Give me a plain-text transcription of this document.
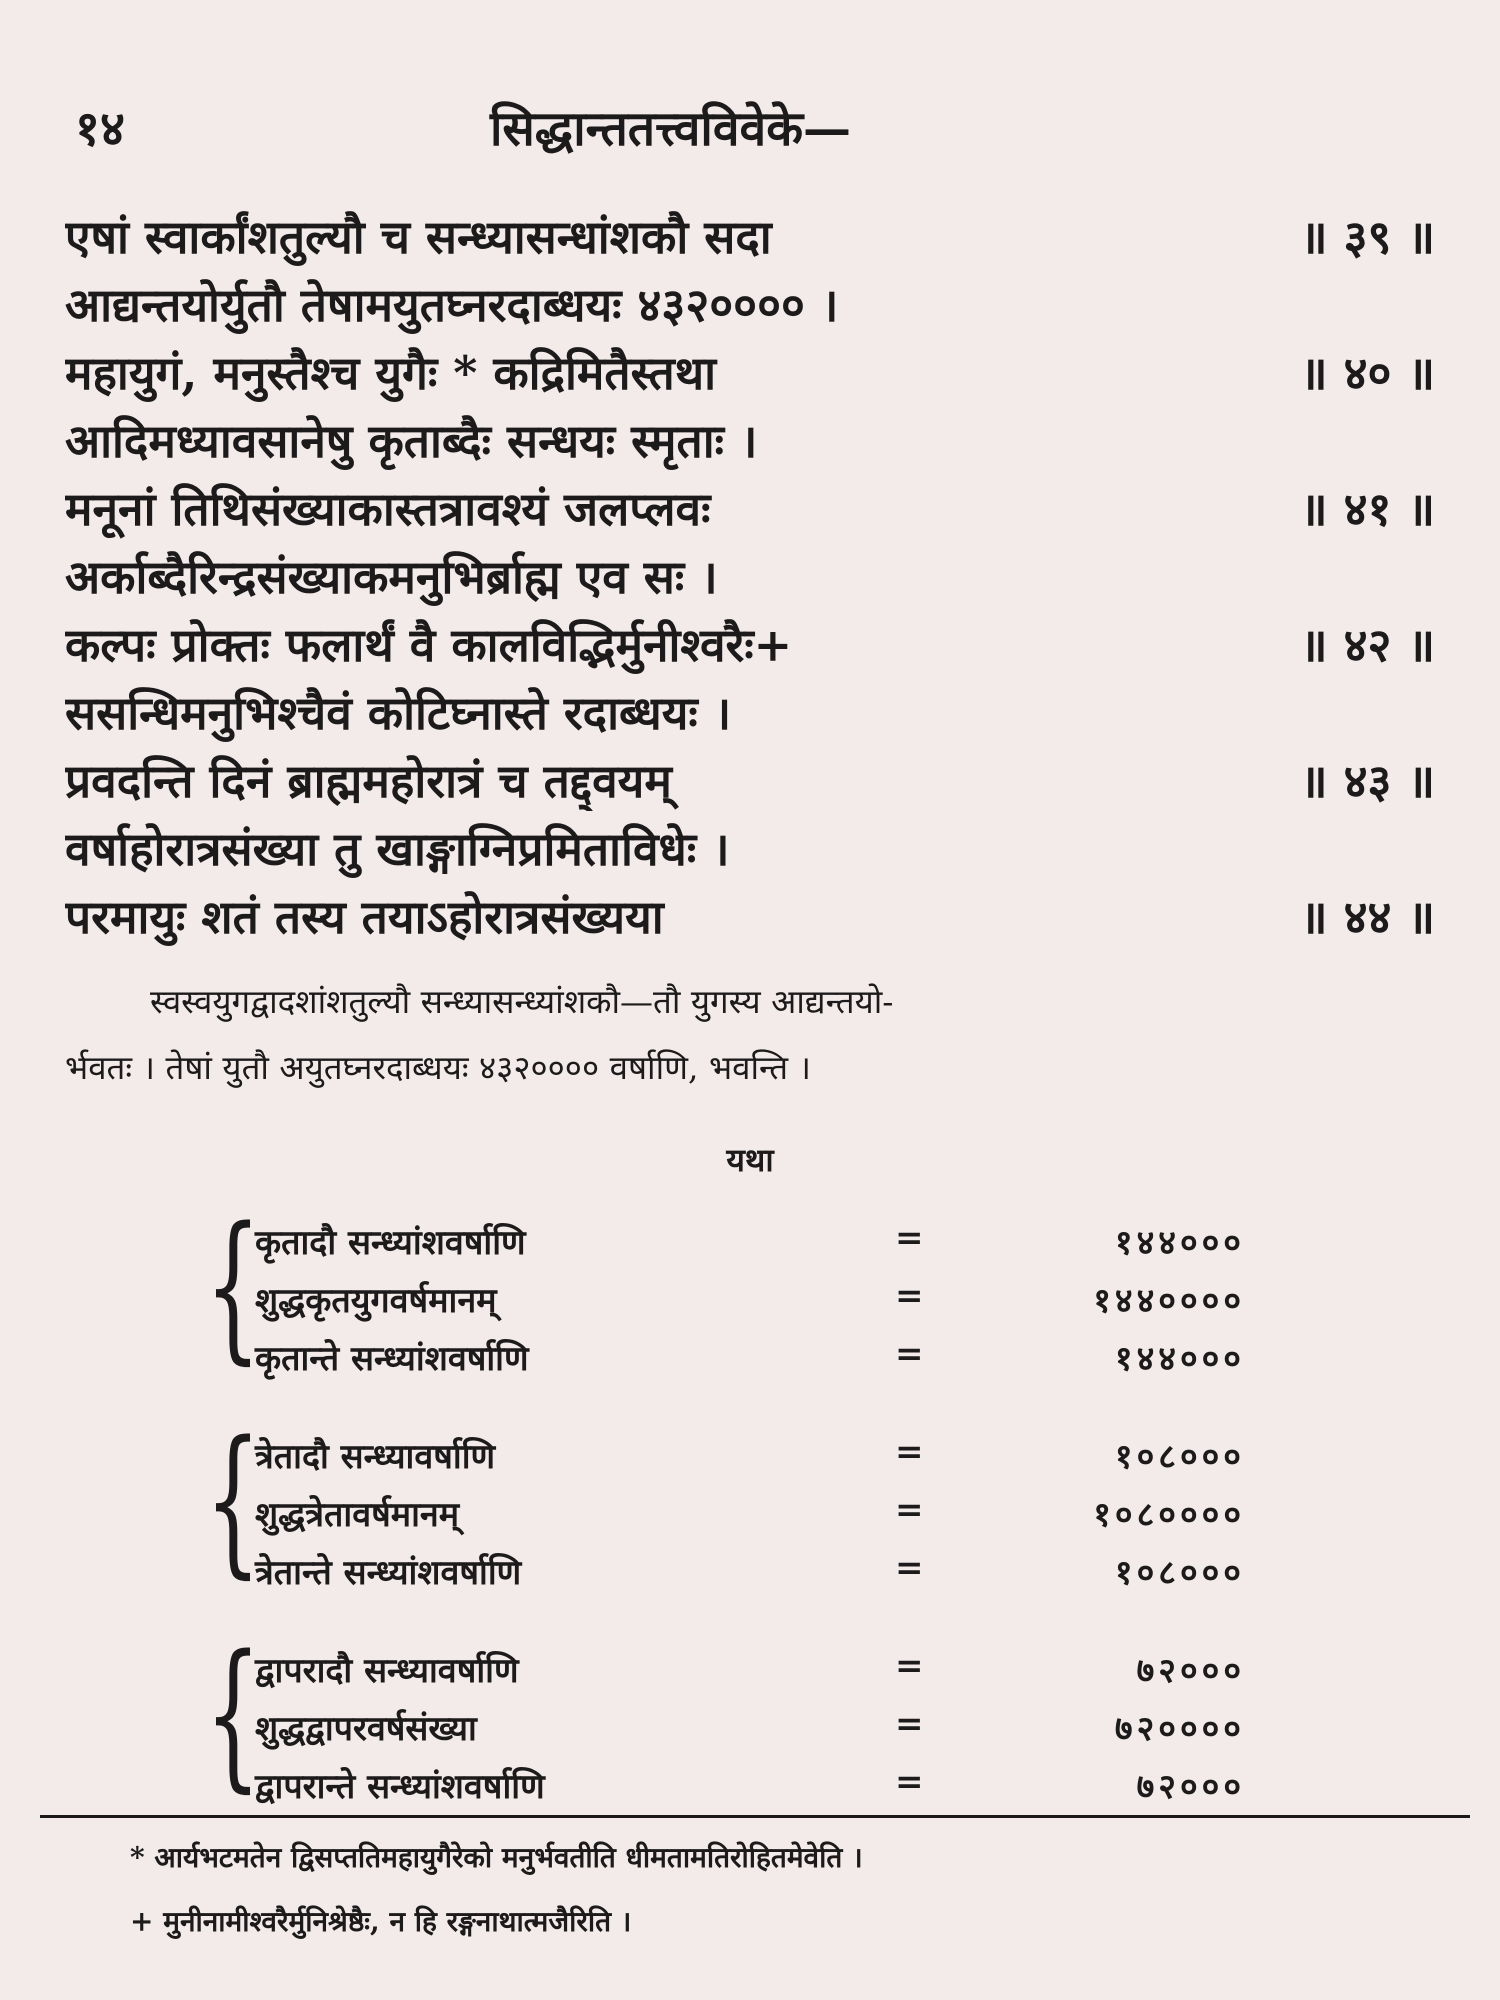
१४	सिद्धान्ततत्त्वविवेके—
एषां स्वार्कांशतुल्यौ च सन्ध्यासन्धांशकौ सदा	॥ ३९ ॥
आद्यन्तयोर्युतौ तेषामयुतघ्नरदाब्धयः ४३२०००० ।
महायुगं, मनुस्तैश्च युगैः * कद्रिमितैस्तथा	॥ ४० ॥
आदिमध्यावसानेषु कृताब्दैः सन्धयः स्मृताः ।
मनूनां तिथिसंख्याकास्तत्रावश्यं जलप्लवः	॥ ४१ ॥
अर्काब्दैरिन्द्रसंख्याकमनुभिर्ब्राह्म एव सः ।
कल्पः प्रोक्तः फलार्थं वै कालविद्भिर्मुनीश्वरैः+	॥ ४२ ॥
ससन्धिमनुभिश्चैवं कोटिघ्नास्ते रदाब्धयः ।
प्रवदन्ति दिनं ब्राह्ममहोरात्रं च तद्द्वयम्	॥ ४३ ॥
वर्षाहोरात्रसंख्या तु खाङ्गाग्निप्रमिताविधेः ।
परमायुः शतं तस्य तयाऽहोरात्रसंख्यया	॥ ४४ ॥

स्वस्वयुगद्वादशांशतुल्यौ सन्ध्यासन्ध्यांशकौ—तौ युगस्य आद्यन्तयो-

र्भवतः । तेषां युतौ अयुतघ्नरदाब्धयः ४३२०००० वर्षाणि, भवन्ति ।

यथा
{
कृतादौ सन्ध्यांशवर्षाणि	=	१४४०००
शुद्धकृतयुगवर्षमानम्	=	१४४००००
कृतान्ते सन्ध्यांशवर्षाणि	=	१४४०००
{
त्रेतादौ सन्ध्यावर्षाणि	=	१०८०००
शुद्धत्रेतावर्षमानम्	=	१०८००००
त्रेतान्ते सन्ध्यांशवर्षाणि	=	१०८०००
{
द्वापरादौ सन्ध्यावर्षाणि	=	७२०००
शुद्धद्वापरवर्षसंख्या	=	७२००००
द्वापरान्ते सन्ध्यांशवर्षाणि	=	७२०००

* आर्यभटमतेन द्विसप्ततिमहायुगैरेको मनुर्भवतीति धीमतामतिरोहितमेवेति ।

+ मुनीनामीश्वरैर्मुनिश्रेष्ठैः, न हि रङ्गनाथात्मजैरिति ।
